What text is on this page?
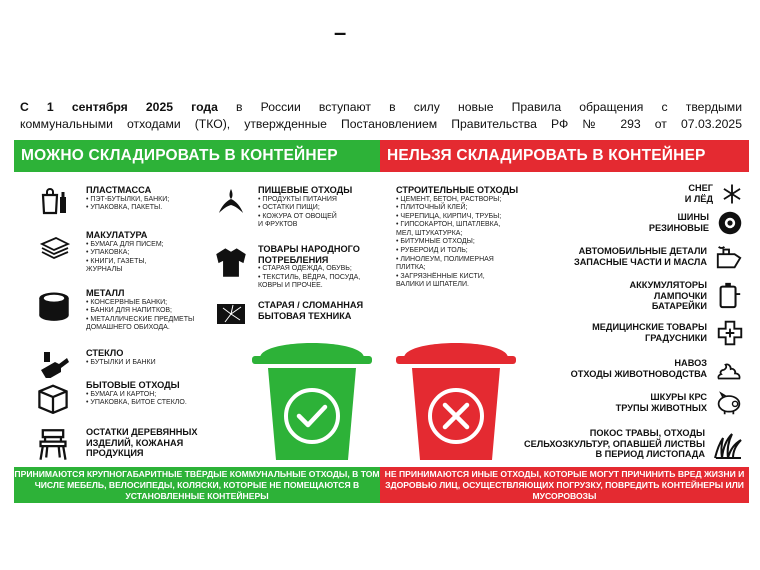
–
С 1 сентября 2025 года в России вступают в силу новые Правила обращения с твердыми
коммунальными отходами (ТКО), утвержденные Постановлением Правительства РФ № 293 от 07.03.2025
МОЖНО СКЛАДИРОВАТЬ В КОНТЕЙНЕР
ПЛАСТМАССА
• ПЭТ-БУТЫЛКИ, БАНКИ;
• УПАКОВКА, ПАКЕТЫ.
МАКУЛАТУРА
• БУМАГА ДЛЯ ПИСЕМ;
• УПАКОВКА;
• КНИГИ, ГАЗЕТЫ, ЖУРНАЛЫ
МЕТАЛЛ
• КОНСЕРВНЫЕ БАНКИ;
• БАНКИ ДЛЯ НАПИТКОВ;
• МЕТАЛЛИЧЕСКИЕ ПРЕДМЕТЫ ДОМАШНЕГО ОБИХОДА.
СТЕКЛО
• БУТЫЛКИ И БАНКИ
БЫТОВЫЕ ОТХОДЫ
• БУМАГА И КАРТОН;
• УПАКОВКА, БИТОЕ СТЕКЛО.
ОСТАТКИ ДЕРЕВЯННЫХ ИЗДЕЛИЙ, КОЖАНАЯ ПРОДУКЦИЯ
ПИЩЕВЫЕ ОТХОДЫ
• ПРОДУКТЫ ПИТАНИЯ
• ОСТАТКИ ПИЩИ;
• КОЖУРА ОТ ОВОЩЕЙ И ФРУКТОВ
ТОВАРЫ НАРОДНОГО ПОТРЕБЛЕНИЯ
• СТАРАЯ ОДЕЖДА, ОБУВЬ;
• ТЕКСТИЛЬ, ВЁДРА, ПОСУДА, КОВРЫ И ПРОЧЕЕ.
СТАРАЯ / СЛОМАННАЯ БЫТОВАЯ ТЕХНИКА
ПРИНИМАЮТСЯ КРУПНОГАБАРИТНЫЕ ТВЁРДЫЕ КОММУНАЛЬНЫЕ ОТХОДЫ, В ТОМ ЧИСЛЕ МЕБЕЛЬ, ВЕЛОСИПЕДЫ, КОЛЯСКИ, КОТОРЫЕ НЕ ПОМЕЩАЮТСЯ В УСТАНОВЛЕННЫЕ КОНТЕЙНЕРЫ
НЕЛЬЗЯ СКЛАДИРОВАТЬ В КОНТЕЙНЕР
СТРОИТЕЛЬНЫЕ ОТХОДЫ
• ЦЕМЕНТ, БЕТОН, РАСТВОРЫ;
• ПЛИТОЧНЫЙ КЛЕЙ;
• ЧЕРЕПИЦА, КИРПИЧ, ТРУБЫ;
• ГИПСОКАРТОН, ШПАТЛЕВКА, МЕЛ, ШТУКАТУРКА;
• БИТУМНЫЕ ОТХОДЫ;
• РУБЕРОИД И ТОЛЬ;
• ЛИНОЛЕУМ, ПОЛИМЕРНАЯ ПЛИТКА;
• ЗАГРЯЗНЁННЫЕ КИСТИ, ВАЛИКИ И ШПАТЕЛИ.
СНЕГ
И ЛЁД
ШИНЫ
РЕЗИНОВЫЕ
АВТОМОБИЛЬНЫЕ ДЕТАЛИ
ЗАПАСНЫЕ ЧАСТИ И МАСЛА
АККУМУЛЯТОРЫ
ЛАМПОЧКИ
БАТАРЕЙКИ
МЕДИЦИНСКИЕ ТОВАРЫ
ГРАДУСНИКИ
НАВОЗ
ОТХОДЫ ЖИВОТНОВОДСТВА
ШКУРЫ КРС
ТРУПЫ ЖИВОТНЫХ
ПОКОС ТРАВЫ, ОТХОДЫ
СЕЛЬХОЗКУЛЬТУР, ОПАВШЕЙ ЛИСТВЫ
В ПЕРИОД ЛИСТОПАДА
НЕ ПРИНИМАЮТСЯ ИНЫЕ ОТХОДЫ, КОТОРЫЕ МОГУТ ПРИЧИНИТЬ ВРЕД ЖИЗНИ И ЗДОРОВЬЮ ЛИЦ, ОСУЩЕСТВЛЯЮЩИХ ПОГРУЗКУ, ПОВРЕДИТЬ КОНТЕЙНЕРЫ ИЛИ МУСОРОВОЗЫ
